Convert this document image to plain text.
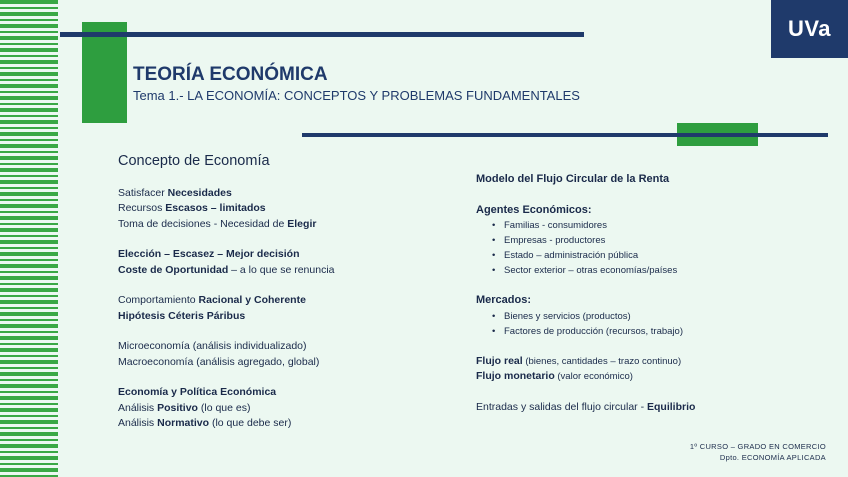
UVa
TEORÍA ECONÓMICA
Tema 1.- LA ECONOMÍA: CONCEPTOS Y PROBLEMAS FUNDAMENTALES
Concepto de Economía
Satisfacer Necesidades
Recursos Escasos – limitados
Toma de decisiones - Necesidad de Elegir
Elección – Escasez – Mejor decisión
Coste de Oportunidad – a lo que se renuncia
Comportamiento Racional y Coherente
Hipótesis Céteris Páribus
Microeconomía (análisis individualizado)
Macroeconomía (análisis agregado, global)
Economía y Política Económica
Análisis Positivo (lo que es)
Análisis Normativo (lo que debe ser)
Modelo del Flujo Circular de la Renta
Agentes Económicos:
• Familias - consumidores
• Empresas - productores
• Estado – administración pública
• Sector exterior – otras economías/países
Mercados:
• Bienes y servicios (productos)
• Factores de producción (recursos, trabajo)
Flujo real (bienes, cantidades – trazo continuo)
Flujo monetario (valor económico)
Entradas y salidas del flujo circular - Equilibrio
1º CURSO – GRADO EN COMERCIO
Dpto. ECONOMÍA APLICADA
